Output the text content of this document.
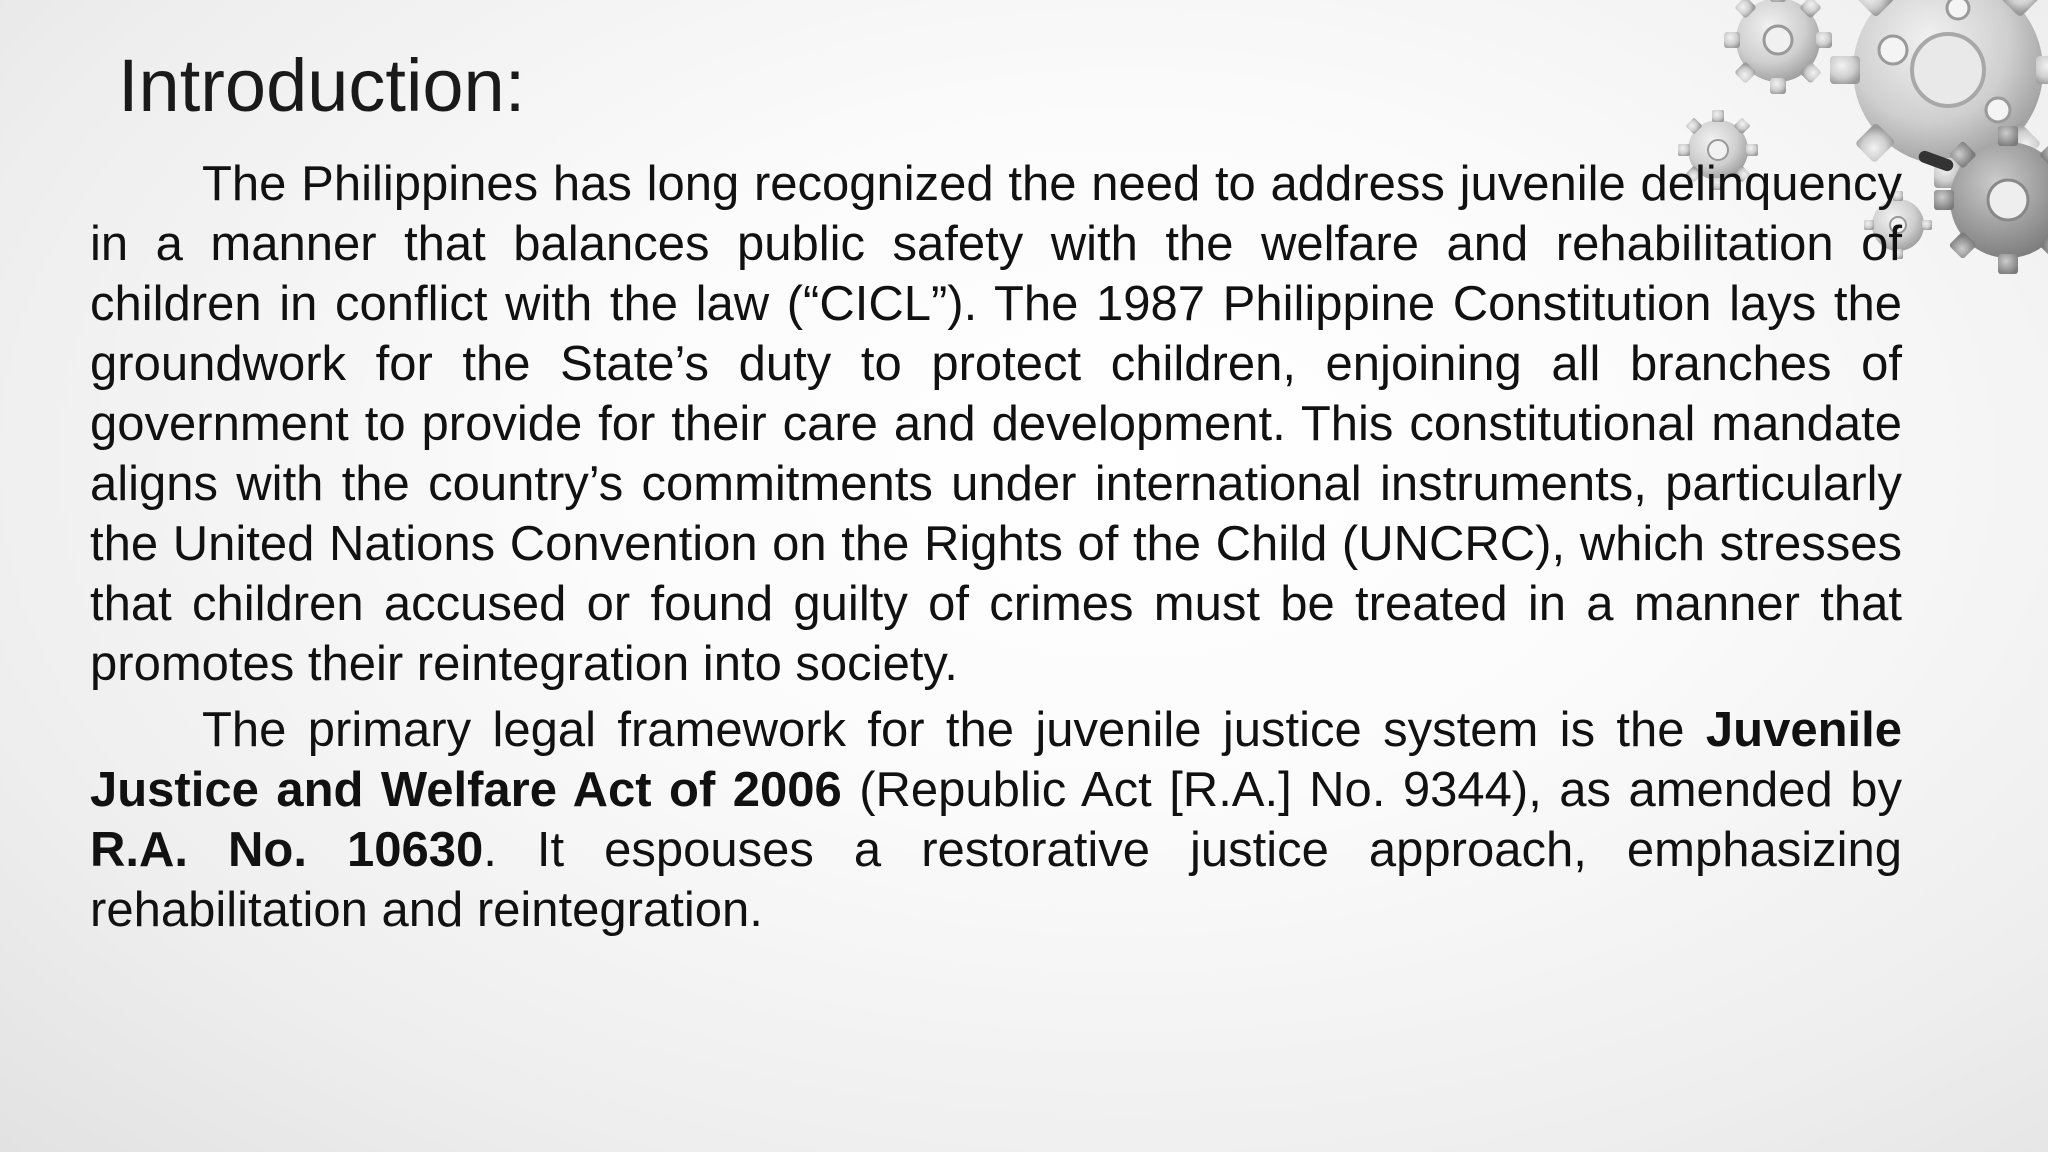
Introduction:

The Philippines has long recognized the need to address juvenile delinquency in a manner that balances public safety with the welfare and rehabilitation of children in conflict with the law (“CICL”). The 1987 Philippine Constitution lays the groundwork for the State’s duty to protect children, enjoining all branches of government to provide for their care and development. This constitutional mandate aligns with the country’s commitments under international instruments, particularly the United Nations Convention on the Rights of the Child (UNCRC), which stresses that children accused or found guilty of crimes must be treated in a manner that promotes their reintegration into society.

The primary legal framework for the juvenile justice system is the Juvenile Justice and Welfare Act of 2006 (Republic Act [R.A.] No. 9344), as amended by R.A. No. 10630. It espouses a restorative justice approach, emphasizing rehabilitation and reintegration.
